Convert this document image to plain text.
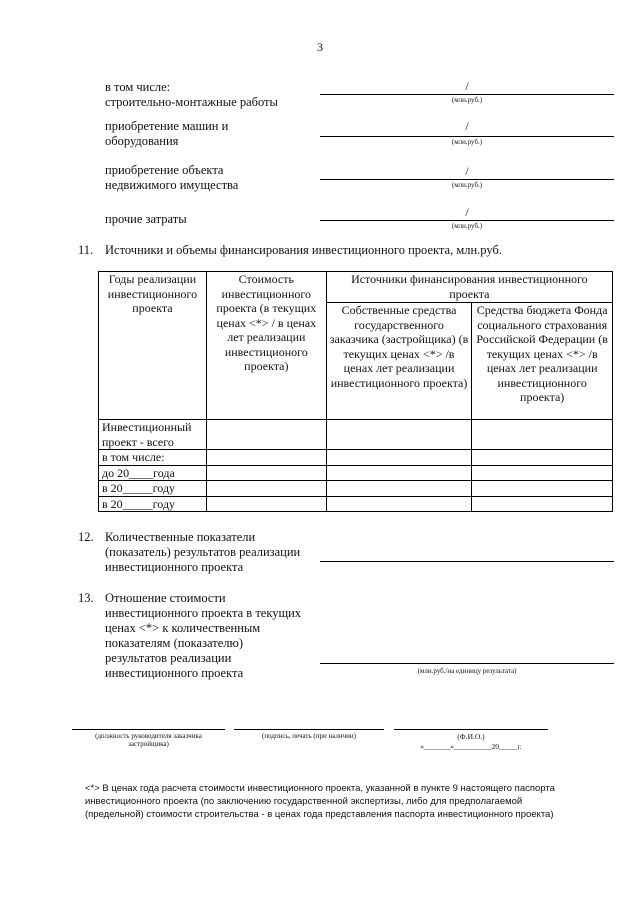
3
в том числе:
строительно-монтажные работы
/
(млн.руб.)
приобретение машин и
оборудования
/
(млн.руб.)
приобретение объекта
недвижимого имущества
/
(млн.руб.)
прочие затраты	/
(млн.руб.)
11. Источники и объемы финансирования инвестиционного проекта, млн.руб.
Годы реализации инвестиционного проекта	Стоимость инвестиционного проекта (в текущих ценах <*> / в ценах лет реализации инвестиционого проекта)	Источники финансирования инвестиционного проекта	
		Собственные средства государственного заказчика (застройщика) (в текущих ценах <*> /в ценах лет реализации инвестиционного проекта)	Средства бюджета Фонда социального страхования Российской Федерации (в текущих ценах <*> /в ценах лет реализации инвестиционного проекта)
Инвестиционный проект - всего			
в том числе:			
до 20____года			
в 20_____году			
в 20_____году			
12. Количественные показатели
(показатель) результатов реализации
инвестиционного проекта
13. Отношение стоимости
инвестиционного проекта в текущих
ценах <*> к количественным
показателям (показателю)
результатов реализации
инвестиционного проекта	(млн.руб./на единицу результата)
(должность руководителя заказчика
застройщика)
(подпись, печать (при наличии)	(Ф.И.О.)
«_______»__________20_____г.
<*> В ценах года расчета стоимости инвестиционного проекта, указанной в пункте 9 настоящего паспорта инвестиционного проекта (по заключению государственной экспертизы, либо для предполагаемой (предельной) стоимости строительства - в ценах года представления паспорта инвестиционного проекта)
